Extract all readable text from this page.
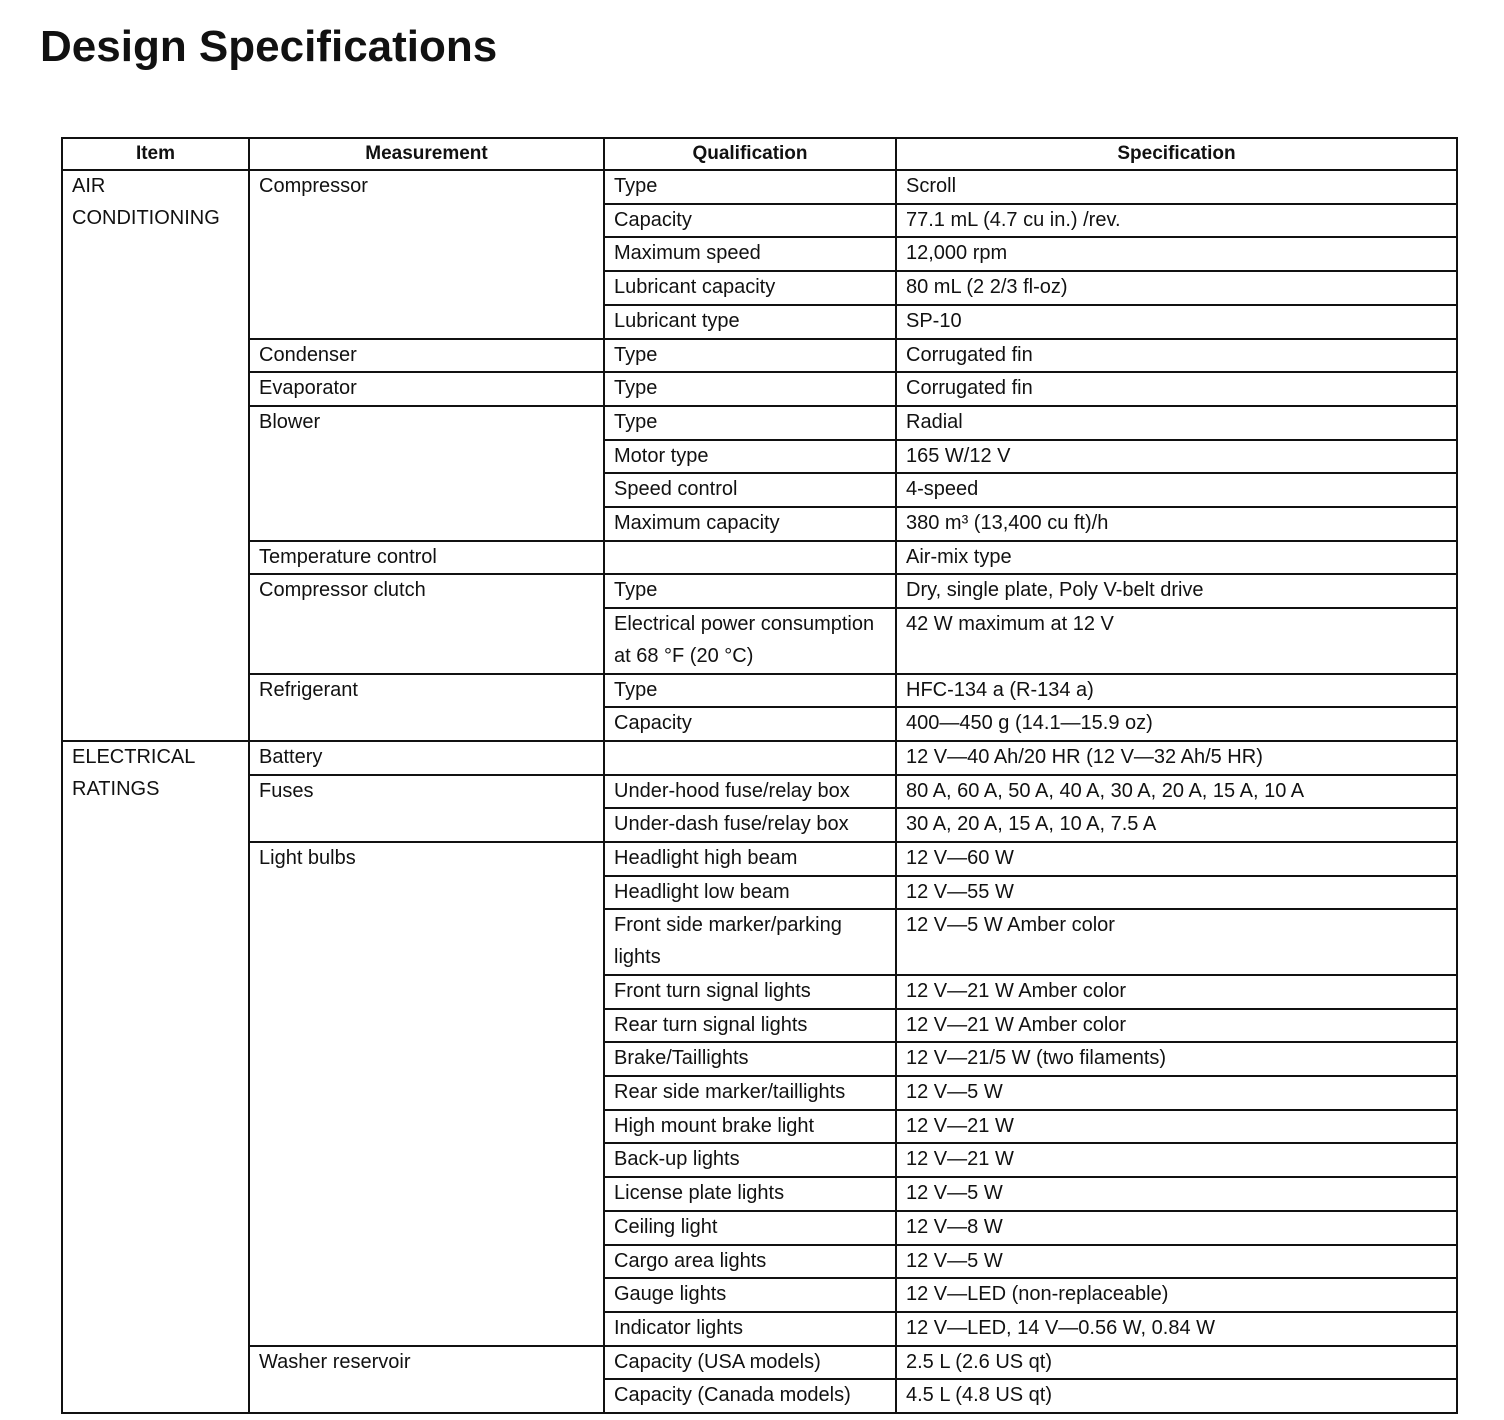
Design Specifications
Item	Measurement	Qualification	Specification
AIR CONDITIONING	Compressor	Type	Scroll
		Capacity	77.1 mL (4.7 cu in.) /rev.
		Maximum speed	12,000 rpm
		Lubricant capacity	80 mL (2 2/3 fl-oz)
		Lubricant type	SP-10
	Condenser	Type	Corrugated fin
	Evaporator	Type	Corrugated fin
	Blower	Type	Radial
		Motor type	165 W/12 V
		Speed control	4-speed
		Maximum capacity	380 m³ (13,400 cu ft)/h
	Temperature control		Air-mix type
	Compressor clutch	Type	Dry, single plate, Poly V-belt drive
		Electrical power consumption at 68 °F (20 °C)	42 W maximum at 12 V
	Refrigerant	Type	HFC-134 a (R-134 a)
		Capacity	400—450 g (14.1—15.9 oz)
ELECTRICAL RATINGS	Battery		12 V—40 Ah/20 HR (12 V—32 Ah/5 HR)
	Fuses	Under-hood fuse/relay box	80 A, 60 A, 50 A, 40 A, 30 A, 20 A, 15 A, 10 A
		Under-dash fuse/relay box	30 A, 20 A, 15 A, 10 A, 7.5 A
	Light bulbs	Headlight high beam	12 V—60 W
		Headlight low beam	12 V—55 W
		Front side marker/parking lights	12 V—5 W Amber color
		Front turn signal lights	12 V—21 W Amber color
		Rear turn signal lights	12 V—21 W Amber color
		Brake/Taillights	12 V—21/5 W (two filaments)
		Rear side marker/taillights	12 V—5 W
		High mount brake light	12 V—21 W
		Back-up lights	12 V—21 W
		License plate lights	12 V—5 W
		Ceiling light	12 V—8 W
		Cargo area lights	12 V—5 W
		Gauge lights	12 V—LED (non-replaceable)
		Indicator lights	12 V—LED, 14 V—0.56 W, 0.84 W
	Washer reservoir	Capacity (USA models)	2.5 L (2.6 US qt)
		Capacity (Canada models)	4.5 L (4.8 US qt)
